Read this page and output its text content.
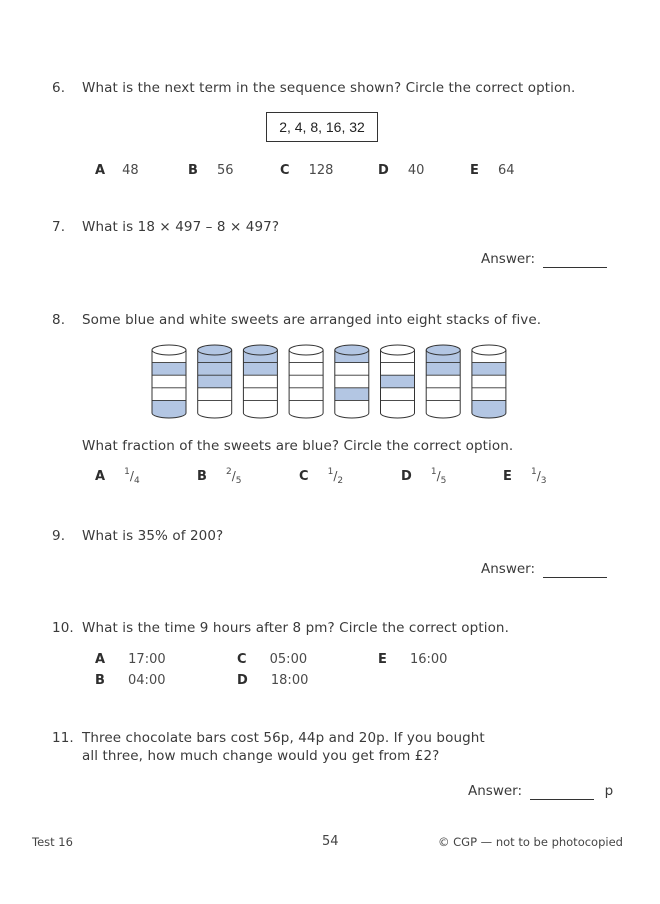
6. What is the next term in the sequence shown? Circle the correct option.
2, 4, 8, 16, 32
A 48	B 56	C 128	D 40	E 64
7. What is 18 × 497 – 8 × 497?
Answer:
8. Some blue and white sweets are arranged into eight stacks of five.
What fraction of the sweets are blue? Circle the correct option.
A $^1/_4$	B $^2/_5$	C $^1/_2$	D $^1/_5$	E $^1/_3$
9. What is 35% of 200?
Answer:
10. What is the time 9 hours after 8 pm? Circle the correct option.
A 17:00	C 05:00	E 16:00
B 04:00	D 18:00
11. Three chocolate bars cost 56p, 44p and 20p. If you bought
all three, how much change would you get from £2?
Answer:	p
Test 16	54	© CGP — not to be photocopied
